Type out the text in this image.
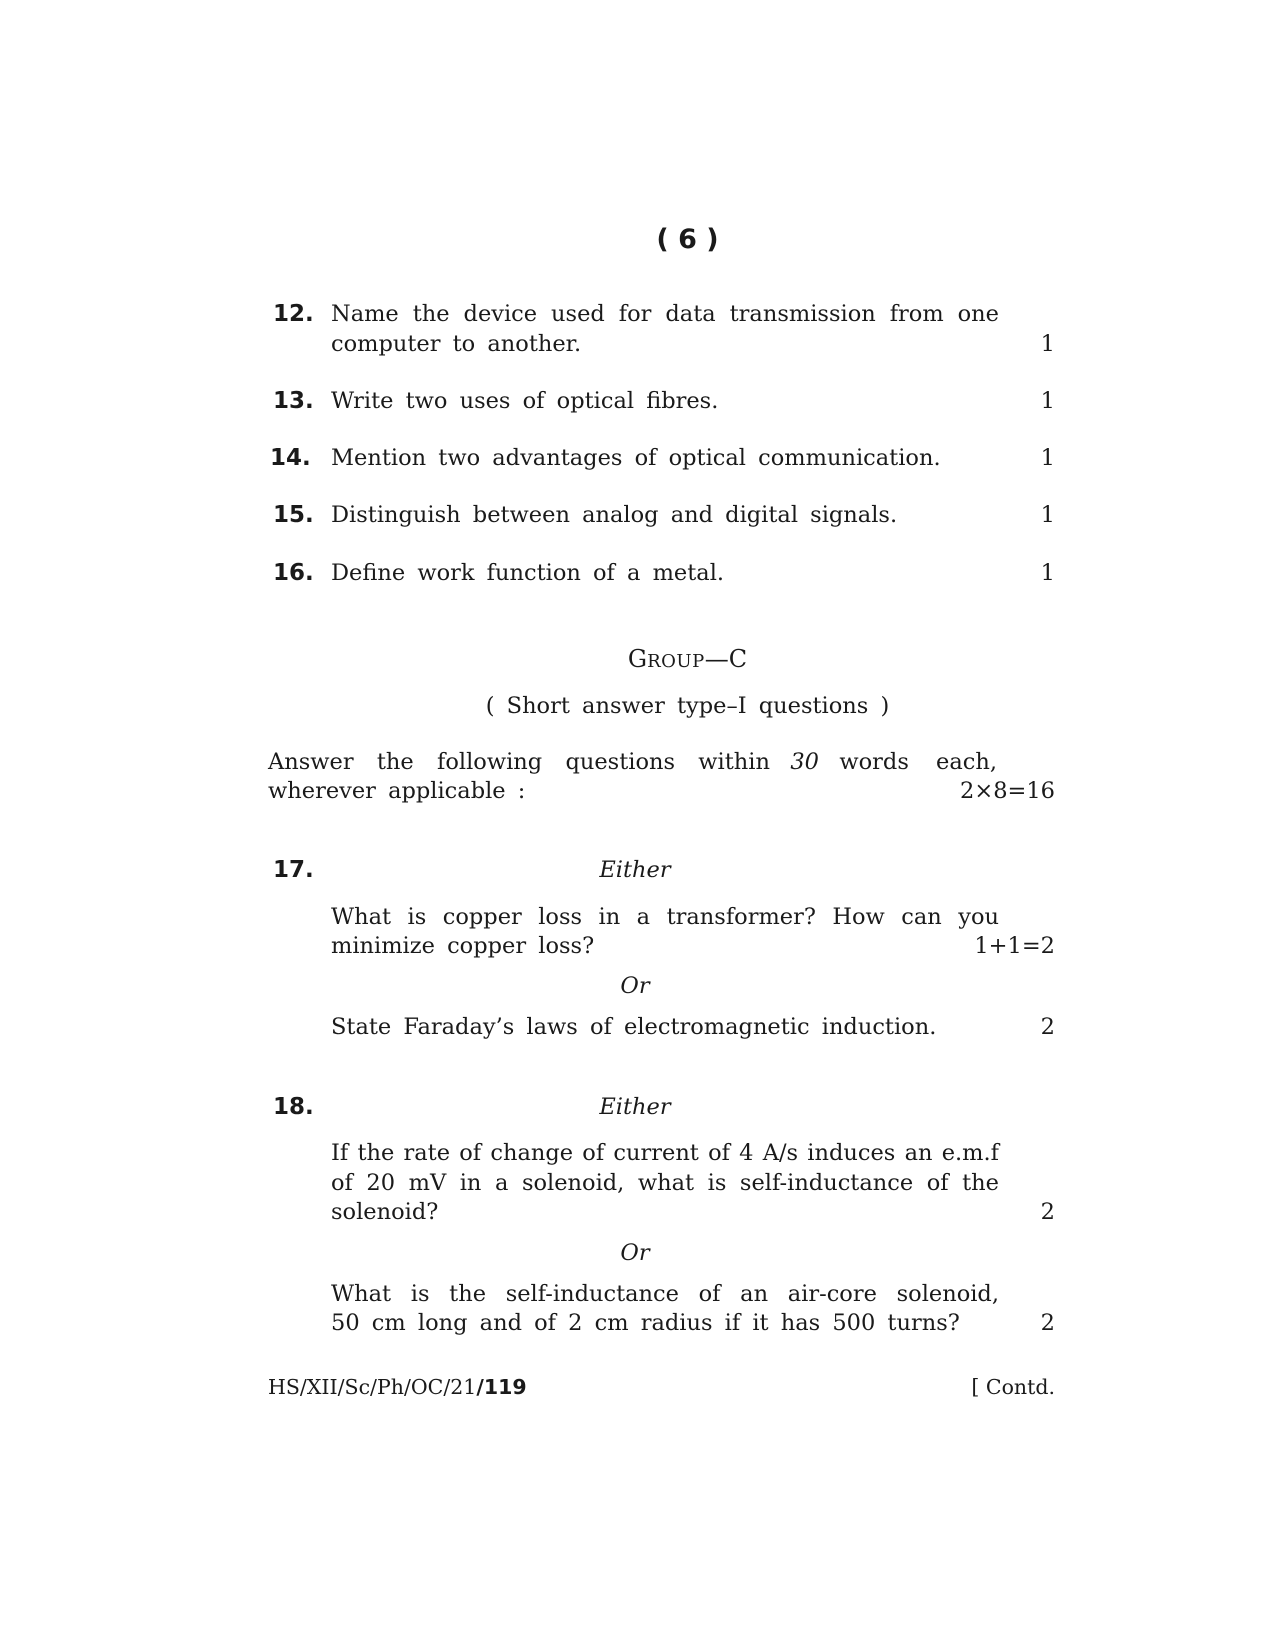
( 6 )
12. Name the device used for data transmission from one
computer to another.	1
13. Write two uses of optical fibres.	1
14. Mention two advantages of optical communication.	1
15. Distinguish between analog and digital signals.	1
16. Define work function of a metal.	1
GROUP—C
( Short answer type–I questions )
Answer the following questions within 30 words each,
wherever applicable :	2×8=16
17.	Either
What is copper loss in a transformer? How can you
minimize copper loss?	1+1=2
Or
State Faraday’s laws of electromagnetic induction.	2
18.	Either
If the rate of change of current of 4 A/s induces an e.m.f
of 20 mV in a solenoid, what is self-inductance of the
solenoid?	2
Or
What is the self-inductance of an air-core solenoid,
50 cm long and of 2 cm radius if it has 500 turns?	2
HS/XII/Sc/Ph/OC/21/119	[ Contd.
